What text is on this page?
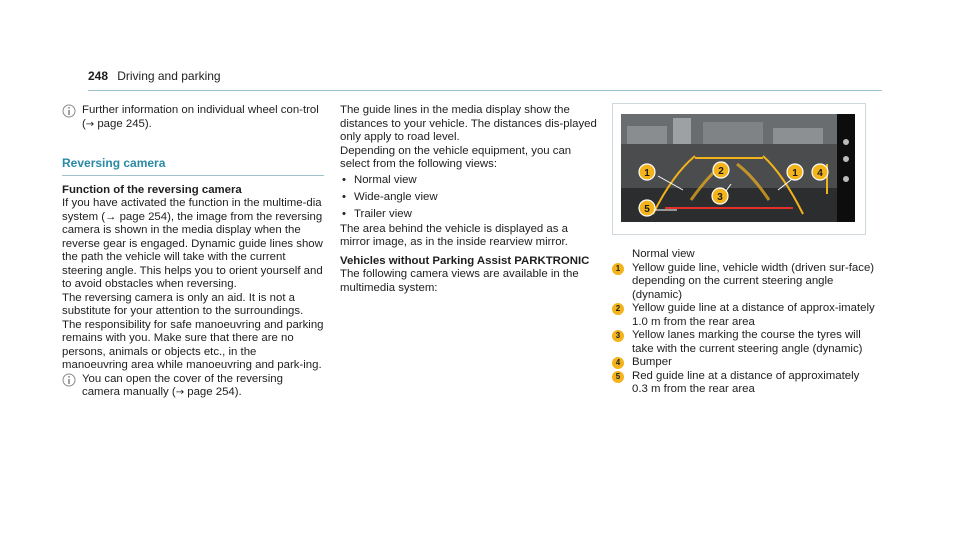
248 Driving and parking

Further information on individual wheel con-trol (→ page 245).

Reversing camera
Function of the reversing camera

If you have activated the function in the multime-dia system (→ page 254), the image from the reversing camera is shown in the media display when the reverse gear is engaged. Dynamic guide lines show the path the vehicle will take with the current steering angle. This helps you to orient yourself and to avoid obstacles when reversing.

The reversing camera is only an aid. It is not a substitute for your attention to the surroundings. The responsibility for safe manoeuvring and parking remains with you. Make sure that there are no persons, animals or objects etc., in the manoeuvring area while manoeuvring and park-ing.

You can open the cover of the reversing camera manually (→ page 254).

The guide lines in the media display show the distances to your vehicle. The distances dis-played only apply to road level.

Depending on the vehicle equipment, you can select from the following views:

• Normal view
• Wide-angle view
• Trailer view

The area behind the vehicle is displayed as a mirror image, as in the inside rearview mirror.

Vehicles without Parking Assist PARKTRONIC

The following camera views are available in the multimedia system:

1	2	1 4
3
5

Normal view

1	Yellow guide line, vehicle width (driven sur-face) depending on the current steering angle (dynamic)

2	Yellow guide line at a distance of approx-imately 1.0 m from the rear area

3	Yellow lanes marking the course the tyres will take with the current steering angle (dynamic)

4	Bumper

5	Red guide line at a distance of approximately 0.3 m from the rear area
